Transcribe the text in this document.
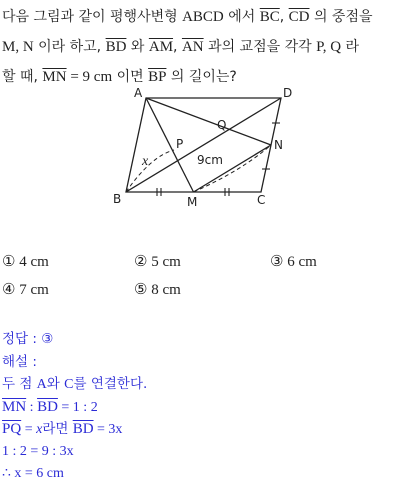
다음 그림과 같이 평행사변형 ABCD 에서 $\overline{BC}$, $\overline{CD}$ 의 중점을
M, N 이라 하고, $\overline{BD}$ 와 $\overline{AM}$, $\overline{AN}$ 과의 교점을 각각 P, Q 라
할 때, $\overline{MN} = 9$ cm 이면 $\overline{BP}$ 의 길이는?
A	D
B	C
M
N
P
Q
x	9cm
① 4 cm	② 5 cm	③ 6 cm
④ 7 cm	⑤ 8 cm
정답 : ③
해설 :
두 점 A와 C를 연결한다.
$\overline{MN}$ : $\overline{BD} = 1$ : 2
$\overline{PQ} = x$라면 $\overline{BD} = 3x$
1 : 2 = 9 : 3x
∴ x = 6 cm
